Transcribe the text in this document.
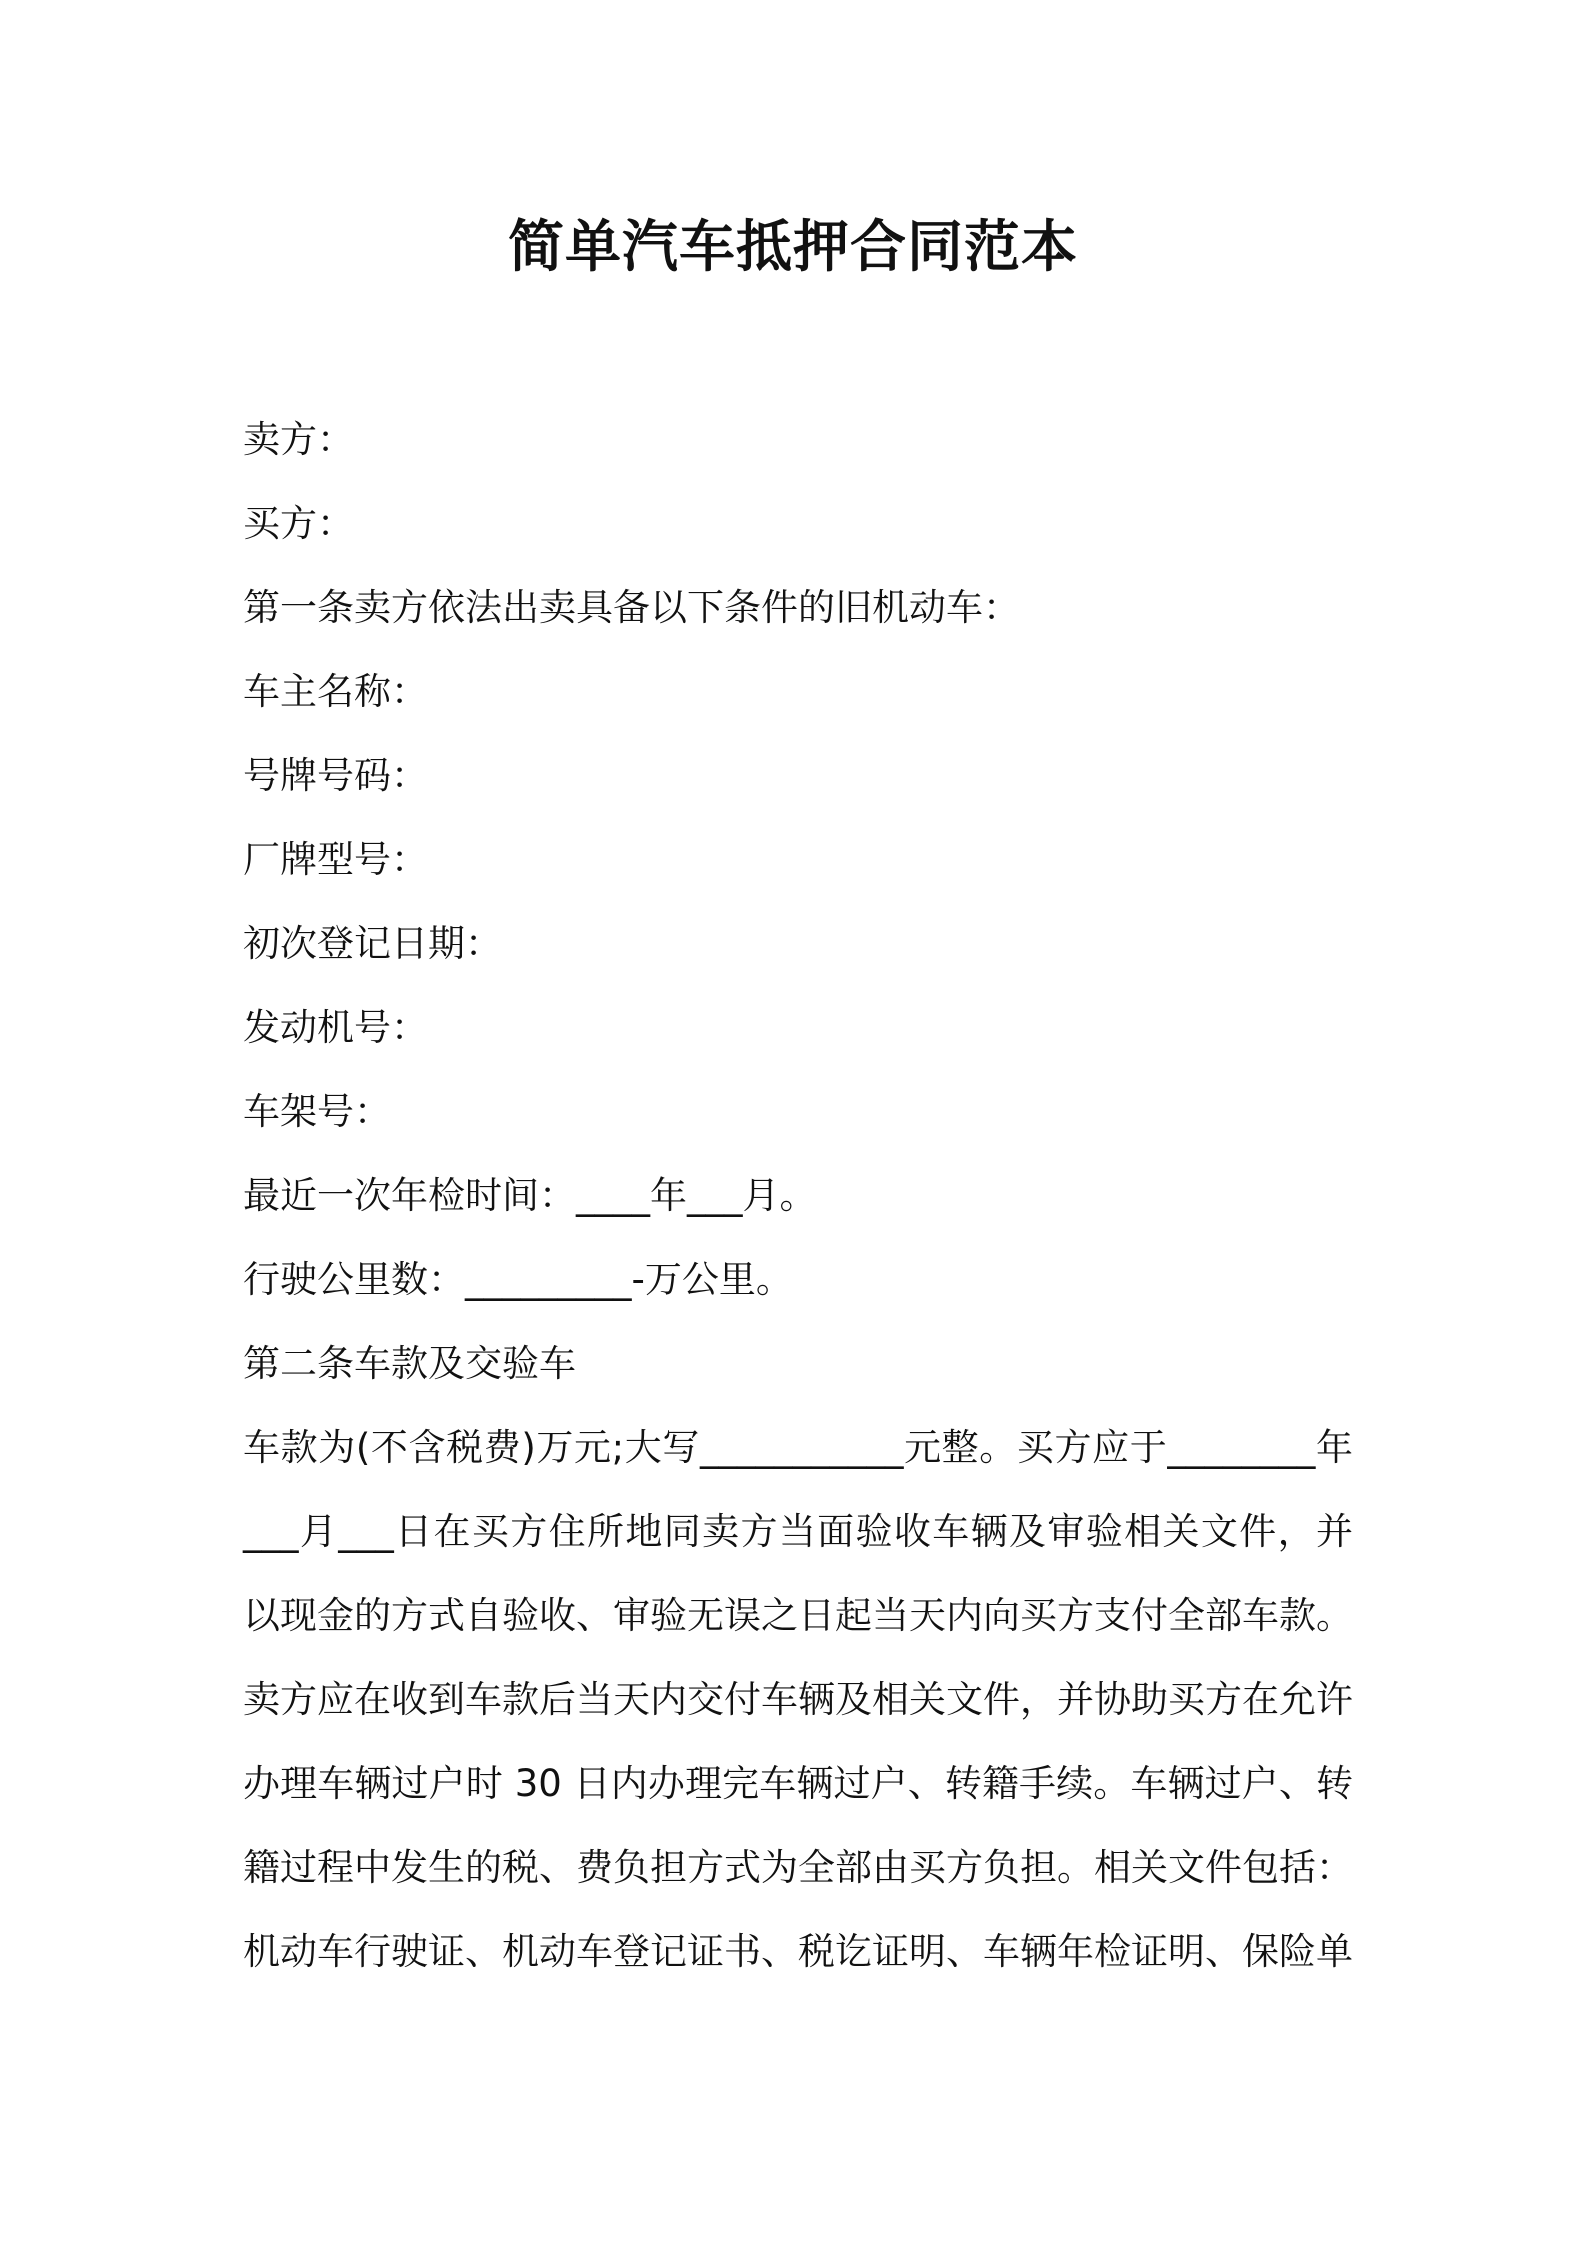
简单汽车抵押合同范本

卖方：

买方：

第一条卖方依法出卖具备以下条件的旧机动车：

车主名称：

号牌号码：

厂牌型号：

初次登记日期：

发动机号：

车架号：

最近一次年检时间：____年___月。

行驶公里数：_________-万公里。

第二条车款及交验车

车款为(不含税费)万元;大写___________元整。买方应于________年
___月___日在买方住所地同卖方当面验收车辆及审验相关文件，并
以现金的方式自验收、审验无误之日起当天内向买方支付全部车款。
卖方应在收到车款后当天内交付车辆及相关文件，并协助买方在允许
办理车辆过户时 30 日内办理完车辆过户、转籍手续。车辆过户、转
籍过程中发生的税、费负担方式为全部由买方负担。相关文件包括：
机动车行驶证、机动车登记证书、税讫证明、车辆年检证明、保险单
